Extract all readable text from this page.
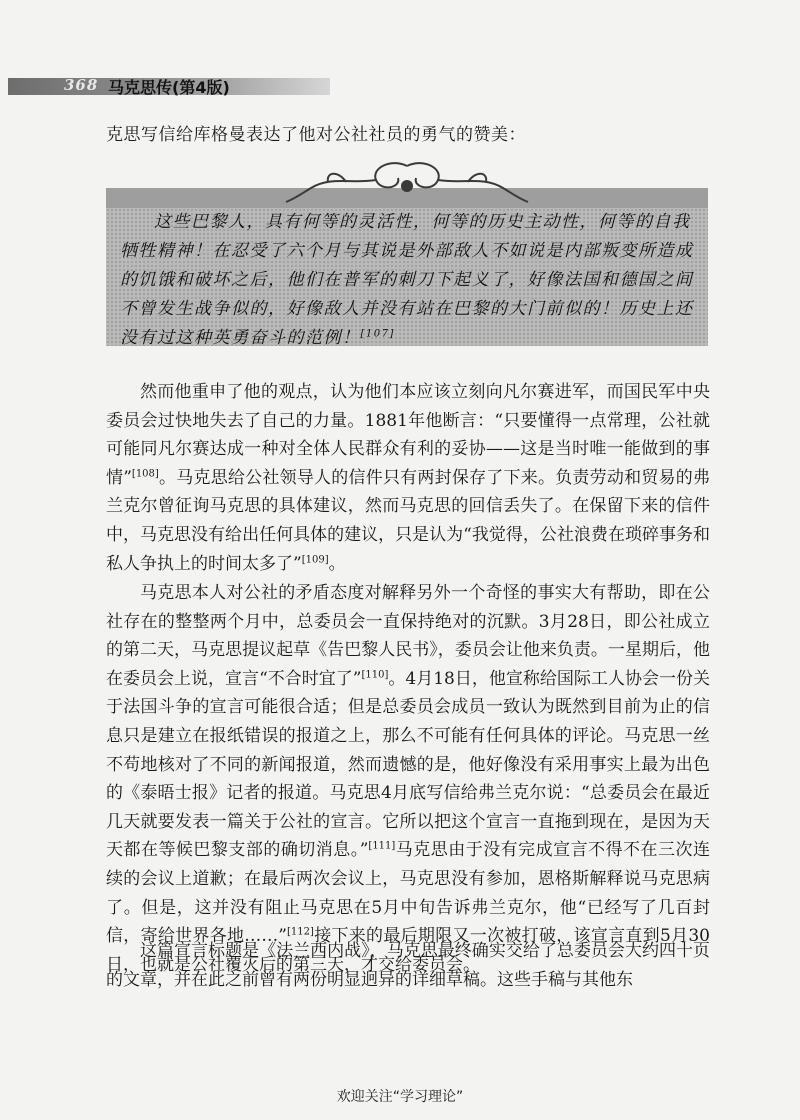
368 马克思传(第4版)
克思写信给库格曼表达了他对公社社员的勇气的赞美：
这些巴黎人，具有何等的灵活性，何等的历史主动性，何等的自我牺牲精神！在忍受了六个月与其说是外部敌人不如说是内部叛变所造成的饥饿和破坏之后，他们在普军的刺刀下起义了，好像法国和德国之间不曾发生战争似的，好像敌人并没有站在巴黎的大门前似的！历史上还没有过这种英勇奋斗的范例！[107]
然而他重申了他的观点，认为他们本应该立刻向凡尔赛进军，而国民军中央委员会过快地失去了自己的力量。1881年他断言：“只要懂得一点常理，公社就可能同凡尔赛达成一种对全体人民群众有利的妥协——这是当时唯一能做到的事情”[108]。马克思给公社领导人的信件只有两封保存了下来。负责劳动和贸易的弗兰克尔曾征询马克思的具体建议，然而马克思的回信丢失了。在保留下来的信件中，马克思没有给出任何具体的建议，只是认为“我觉得，公社浪费在琐碎事务和私人争执上的时间太多了”[109]。
马克思本人对公社的矛盾态度对解释另外一个奇怪的事实大有帮助，即在公社存在的整整两个月中，总委员会一直保持绝对的沉默。3月28日，即公社成立的第二天，马克思提议起草《告巴黎人民书》，委员会让他来负责。一星期后，他在委员会上说，宣言“不合时宜了”[110]。4月18日，他宣称给国际工人协会一份关于法国斗争的宣言可能很合适；但是总委员会成员一致认为既然到目前为止的信息只是建立在报纸错误的报道之上，那么不可能有任何具体的评论。马克思一丝不苟地核对了不同的新闻报道，然而遗憾的是，他好像没有采用事实上最为出色的《泰晤士报》记者的报道。马克思4月底写信给弗兰克尔说：“总委员会在最近几天就要发表一篇关于公社的宣言。它所以把这个宣言一直拖到现在，是因为天天都在等候巴黎支部的确切消息。”[111]马克思由于没有完成宣言不得不在三次连续的会议上道歉；在最后两次会议上，马克思没有参加，恩格斯解释说马克思病了。但是，这并没有阻止马克思在5月中旬告诉弗兰克尔，他“已经写了几百封信，寄给世界各地……”[112]接下来的最后期限又一次被打破，该宣言直到5月30日，也就是公社覆灭后的第三天，才交给委员会。
这篇宣言标题是《法兰西内战》，马克思最终确实交给了总委员会大约四十页的文章，并在此之前曾有两份明显迥异的详细草稿。这些手稿与其他东
欢迎关注“学习理论”
